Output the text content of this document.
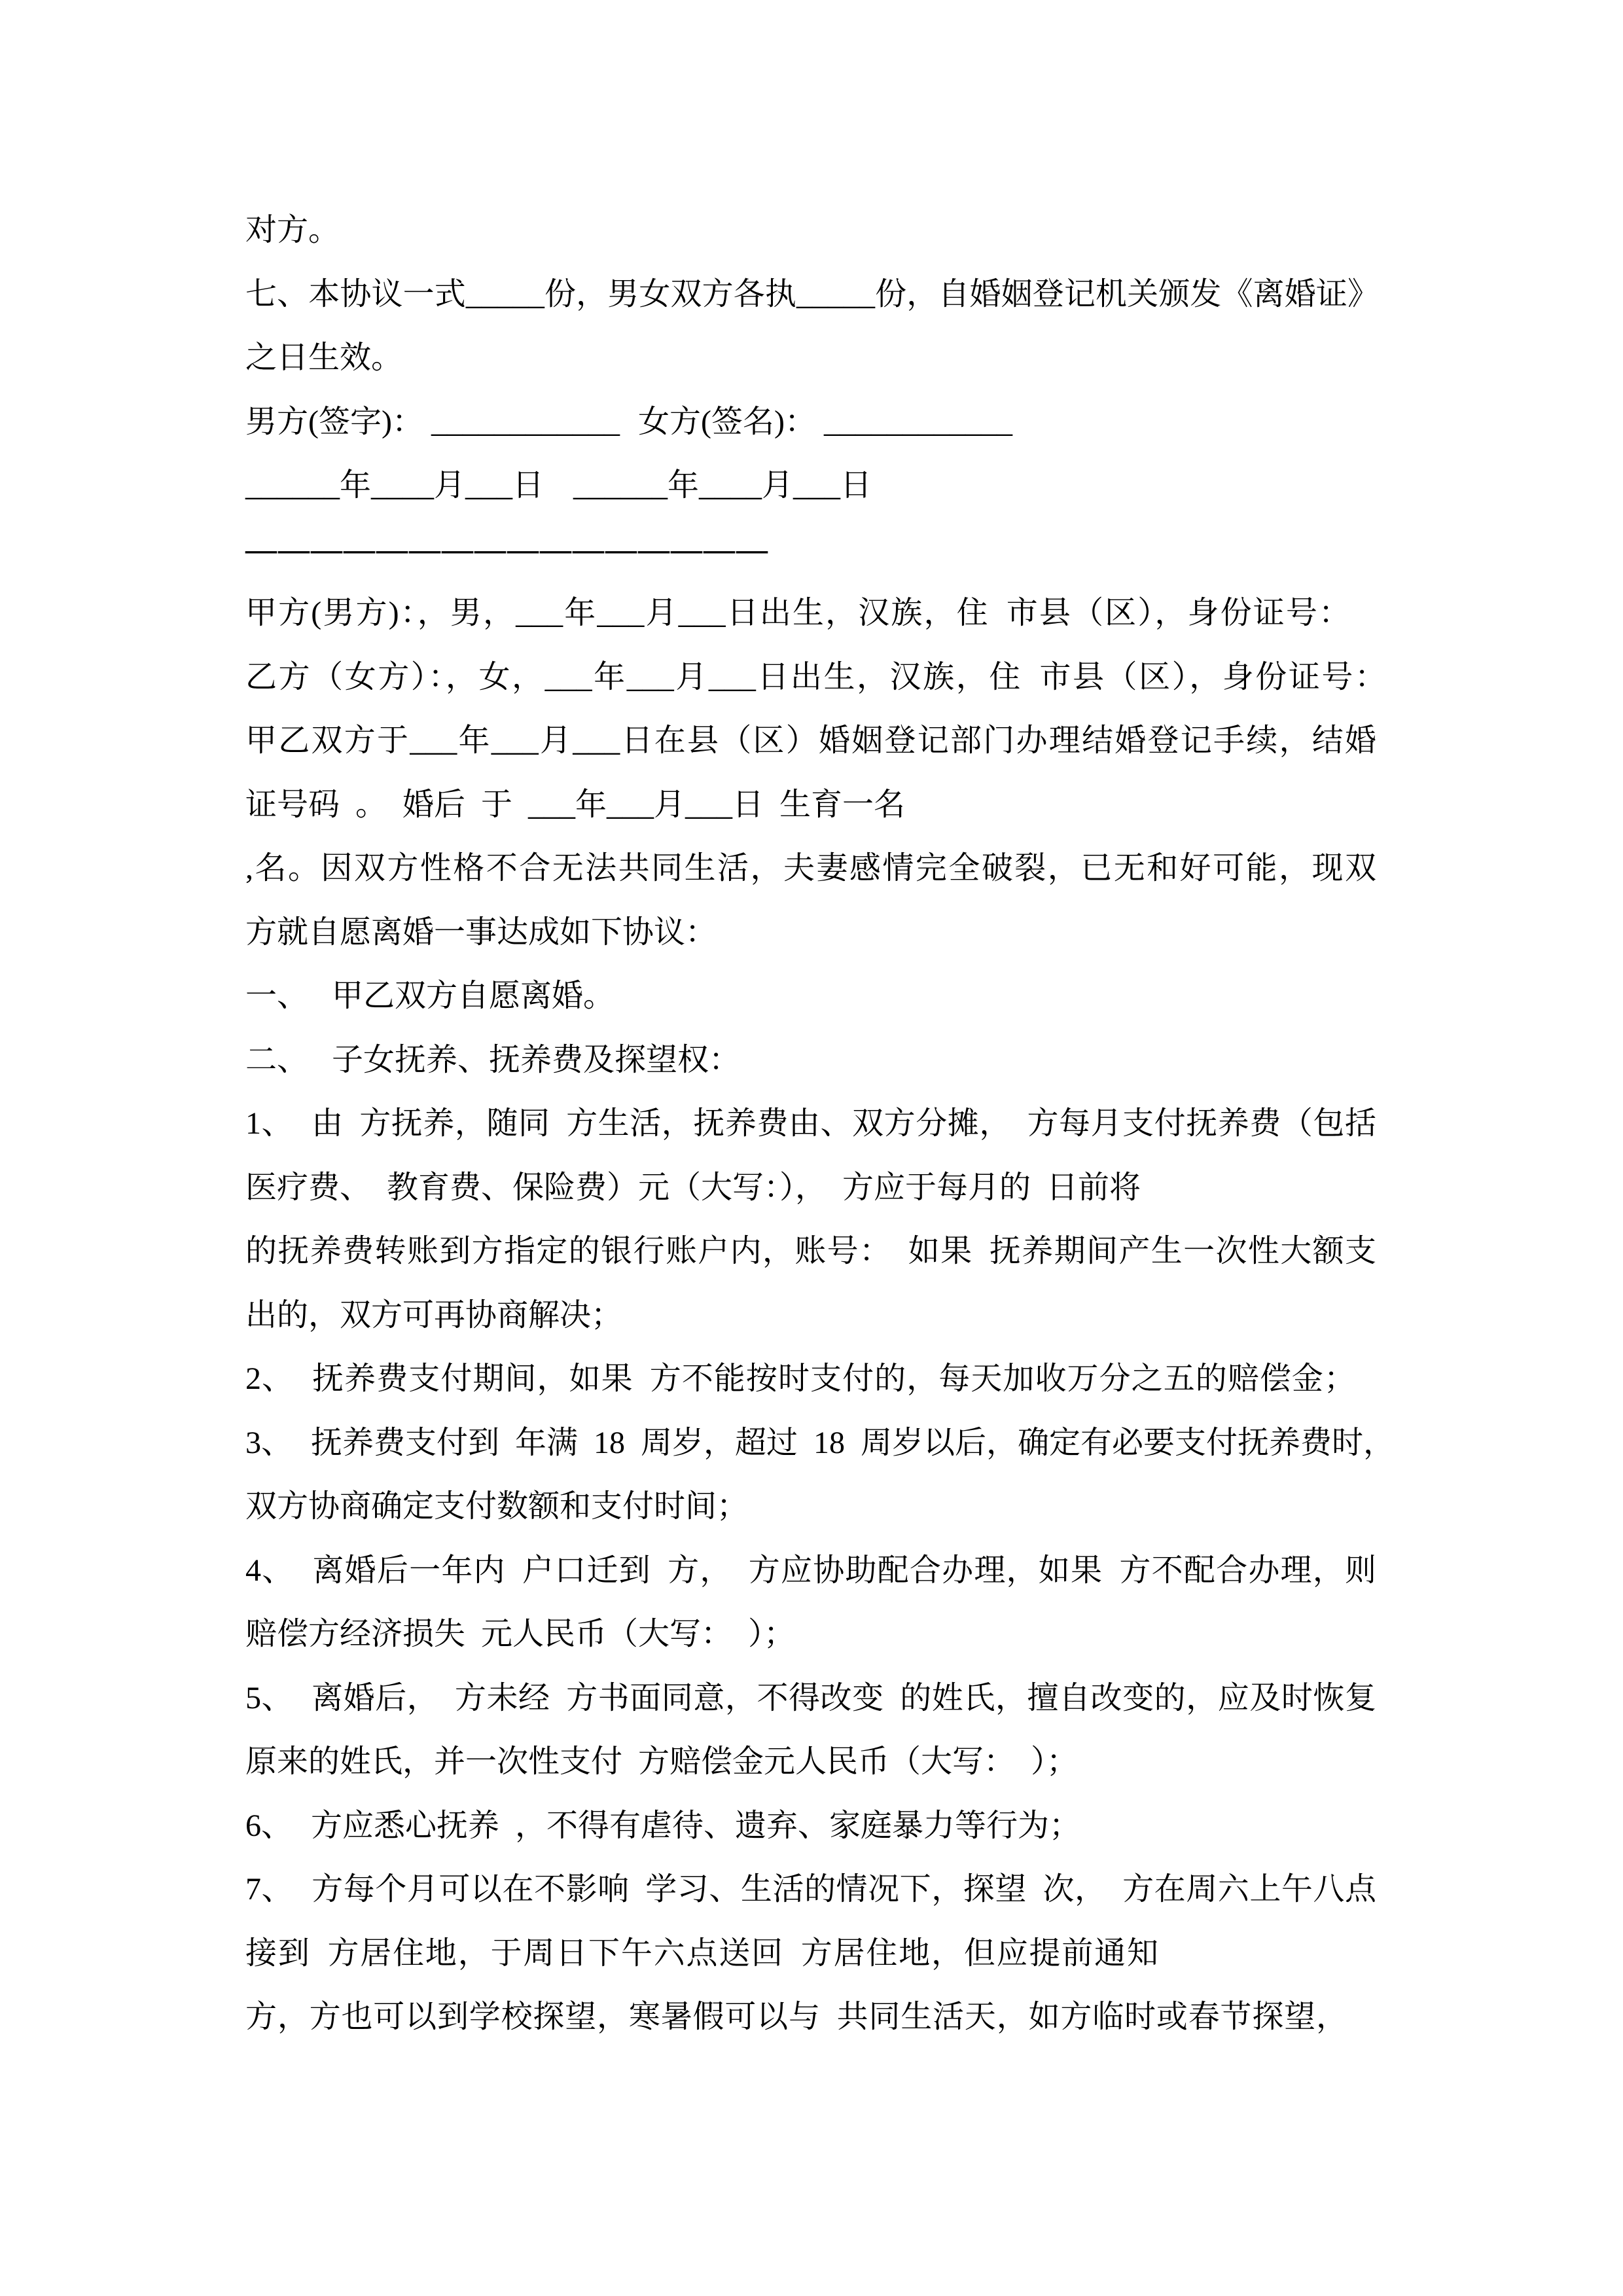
对方。
七、本协议一式_____份，男女双方各执_____份，自婚姻登记机关颁发《离婚证》
之日生效。
男方(签字)： ____________ 女方(签名)： ____________
______年____月___日 ______年____月___日
————————————————
甲方(男方)：，男，___年___月___日出生，汉族，住 市县（区），身份证号：
乙方（女方）：，女，___年___月___日出生，汉族，住 市县（区），身份证号：
甲乙双方于___年___月___日在县（区）婚姻登记部门办理结婚登记手续，结婚
证号码 。 婚后 于 ___年___月___日 生育一名
,名。因双方性格不合无法共同生活，夫妻感情完全破裂，已无和好可能，现双
方就自愿离婚一事达成如下协议：
一、 甲乙双方自愿离婚。
二、 子女抚养、抚养费及探望权：
1、 由 方抚养，随同 方生活，抚养费由、双方分摊， 方每月支付抚养费（包括
医疗费、 教育费、保险费）元（大写：）， 方应于每月的 日前将
的抚养费转账到方指定的银行账户内，账号： 如果 抚养期间产生一次性大额支
出的，双方可再协商解决；
2、 抚养费支付期间，如果 方不能按时支付的，每天加收万分之五的赔偿金；
3、 抚养费支付到 年满 18 周岁，超过 18 周岁以后，确定有必要支付抚养费时，
双方协商确定支付数额和支付时间；
4、 离婚后一年内 户口迁到 方， 方应协助配合办理，如果 方不配合办理，则
赔偿方经济损失 元人民币（大写： ）；
5、 离婚后， 方未经 方书面同意，不得改变 的姓氏，擅自改变的，应及时恢复
原来的姓氏，并一次性支付 方赔偿金元人民币（大写： ）；
6、 方应悉心抚养 ，不得有虐待、遗弃、家庭暴力等行为；
7、 方每个月可以在不影响 学习、生活的情况下，探望 次， 方在周六上午八点
接到 方居住地，于周日下午六点送回 方居住地，但应提前通知
方，方也可以到学校探望，寒暑假可以与 共同生活天，如方临时或春节探望，
